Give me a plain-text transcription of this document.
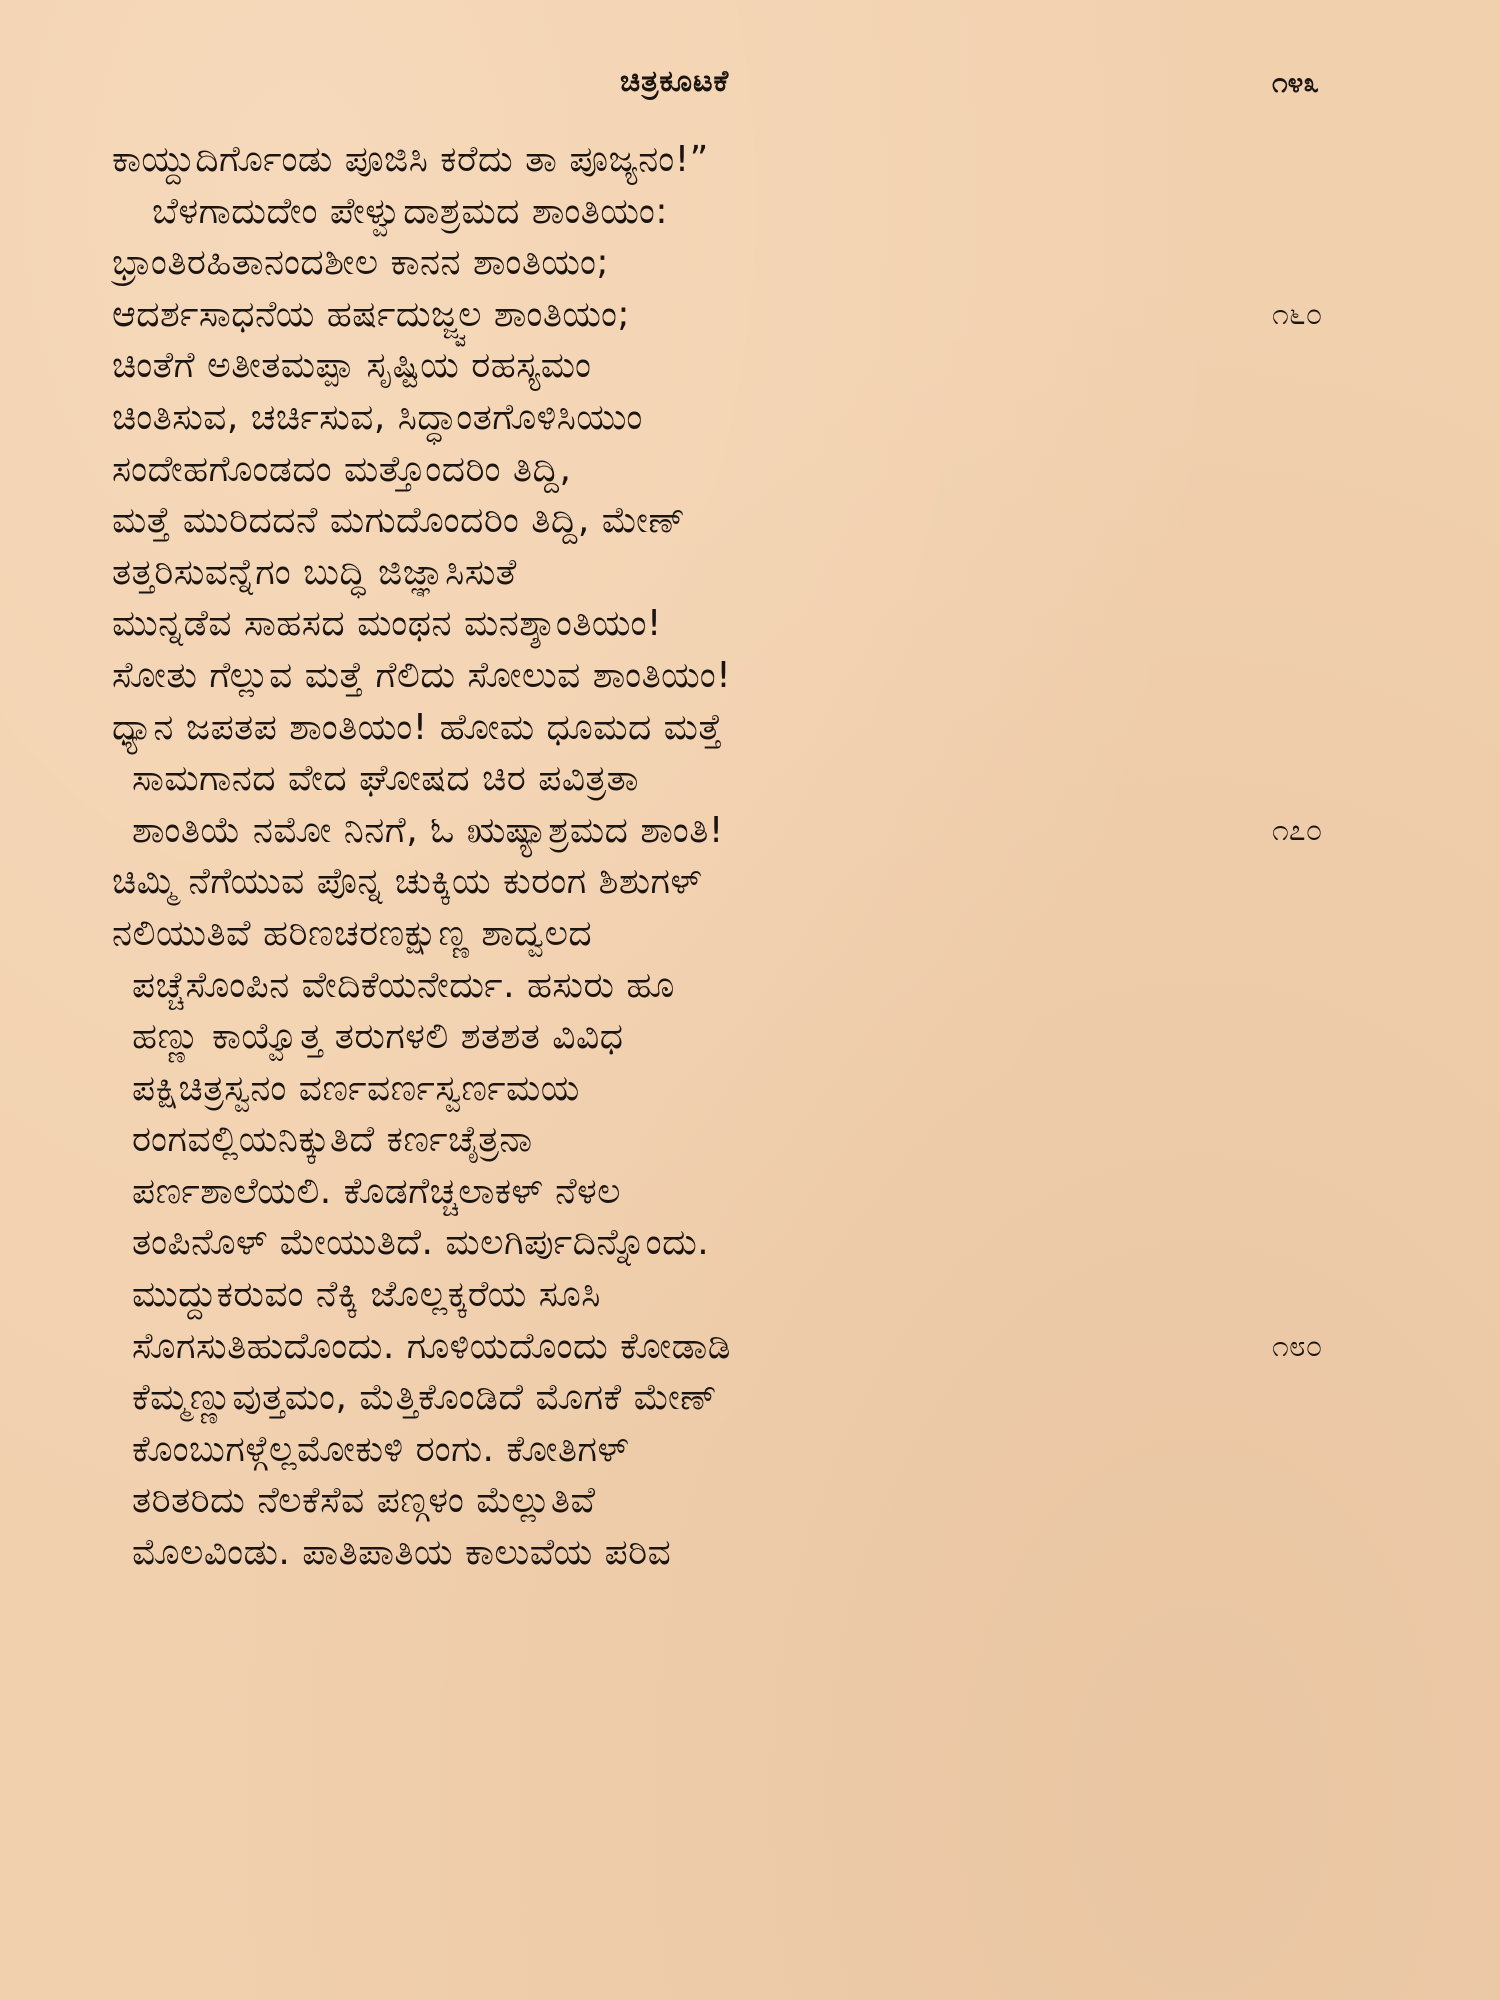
ಚಿತ್ರಕೂಟಕೆ	೧೪೩
ಕಾಯ್ದುದಿರ್ಗೊಂಡು ಪೂಜಿಸಿ ಕರೆದು ತಾ ಪೂಜ್ಯನಂ!”
ಬೆಳಗಾದುದೇಂ ಪೇಳ್ವುದಾಶ್ರಮದ ಶಾಂತಿಯಂ:
ಭ್ರಾಂತಿರಹಿತಾನಂದಶೀಲ ಕಾನನ ಶಾಂತಿಯಂ;
ಆದರ್ಶಸಾಧನೆಯ ಹರ್ಷದುಜ್ಜ್ವಲ ಶಾಂತಿಯಂ;	೧೬೦
ಚಿಂತೆಗೆ ಅತೀತಮಪ್ಪಾ ಸೃಷ್ಟಿಯ ರಹಸ್ಯಮಂ
ಚಿಂತಿಸುವ, ಚರ್ಚಿಸುವ, ಸಿದ್ಧಾಂತಗೊಳಿಸಿಯುಂ
ಸಂದೇಹಗೊಂಡದಂ ಮತ್ತೊಂದರಿಂ ತಿದ್ದಿ,
ಮತ್ತೆ ಮುರಿದದನೆ ಮಗುದೊಂದರಿಂ ತಿದ್ದಿ, ಮೇಣ್
ತತ್ತರಿಸುವನ್ನೆಗಂ ಬುದ್ಧಿ ಜಿಜ್ಞಾಸಿಸುತೆ
ಮುನ್ನಡೆವ ಸಾಹಸದ ಮಂಥನ ಮನಶ್ಶಾಂತಿಯಂ!
ಸೋತು ಗೆಲ್ಲುವ ಮತ್ತೆ ಗೆಲಿದು ಸೋಲುವ ಶಾಂತಿಯಂ!
ಧ್ಯಾನ ಜಪತಪ ಶಾಂತಿಯಂ! ಹೋಮ ಧೂಮದ ಮತ್ತೆ
ಸಾಮಗಾನದ ವೇದ ಘೋಷದ ಚಿರ ಪವಿತ್ರತಾ
ಶಾಂತಿಯೆ ನಮೋ ನಿನಗೆ, ಓ ಋಷ್ಯಾಶ್ರಮದ ಶಾಂತಿ!	೧೭೦
ಚಿಮ್ಮಿ ನೆಗೆಯುವ ಪೊನ್ನ ಚುಕ್ಕಿಯ ಕುರಂಗ ಶಿಶುಗಳ್
ನಲಿಯುತಿವೆ ಹರಿಣಚರಣಕ್ಷುಣ್ಣ ಶಾದ್ವಲದ
ಪಚ್ಚೆಸೊಂಪಿನ ವೇದಿಕೆಯನೇರ್ದು. ಹಸುರು ಹೂ
ಹಣ್ಣು ಕಾಯ್ವೊತ್ತ ತರುಗಳಲಿ ಶತಶತ ವಿವಿಧ
ಪಕ್ಷಿಚಿತ್ರಸ್ವನಂ ವರ್ಣವರ್ಣಸ್ವರ್ಣಮಯ
ರಂಗವಲ್ಲಿಯನಿಕ್ಕುತಿದೆ ಕರ್ಣಚೈತ್ರನಾ
ಪರ್ಣಶಾಲೆಯಲಿ. ಕೊಡಗೆಚ್ಚಲಾಕಳ್ ನೆಳಲ
ತಂಪಿನೊಳ್ ಮೇಯುತಿದೆ. ಮಲಗಿರ್ಪುದಿನ್ನೊಂದು.
ಮುದ್ದುಕರುವಂ ನೆಕ್ಕಿ ಜೊಲ್ಲಕ್ಕರೆಯ ಸೂಸಿ
ಸೊಗಸುತಿಹುದೊಂದು. ಗೂಳಿಯದೊಂದು ಕೋಡಾಡಿ	೧೮೦
ಕೆಮ್ಮಣ್ಣುವುತ್ತಮಂ, ಮೆತ್ತಿಕೊಂಡಿದೆ ಮೊಗಕೆ ಮೇಣ್
ಕೊಂಬುಗಳ್ಗೆಲ್ಲಮೋಕುಳಿ ರಂಗು. ಕೋತಿಗಳ್
ತರಿತರಿದು ನೆಲಕೆಸೆವ ಪಣ್ಗಳಂ ಮೆಲ್ಲುತಿವೆ
ಮೊಲವಿಂಡು. ಪಾತಿಪಾತಿಯ ಕಾಲುವೆಯ ಪರಿವ
